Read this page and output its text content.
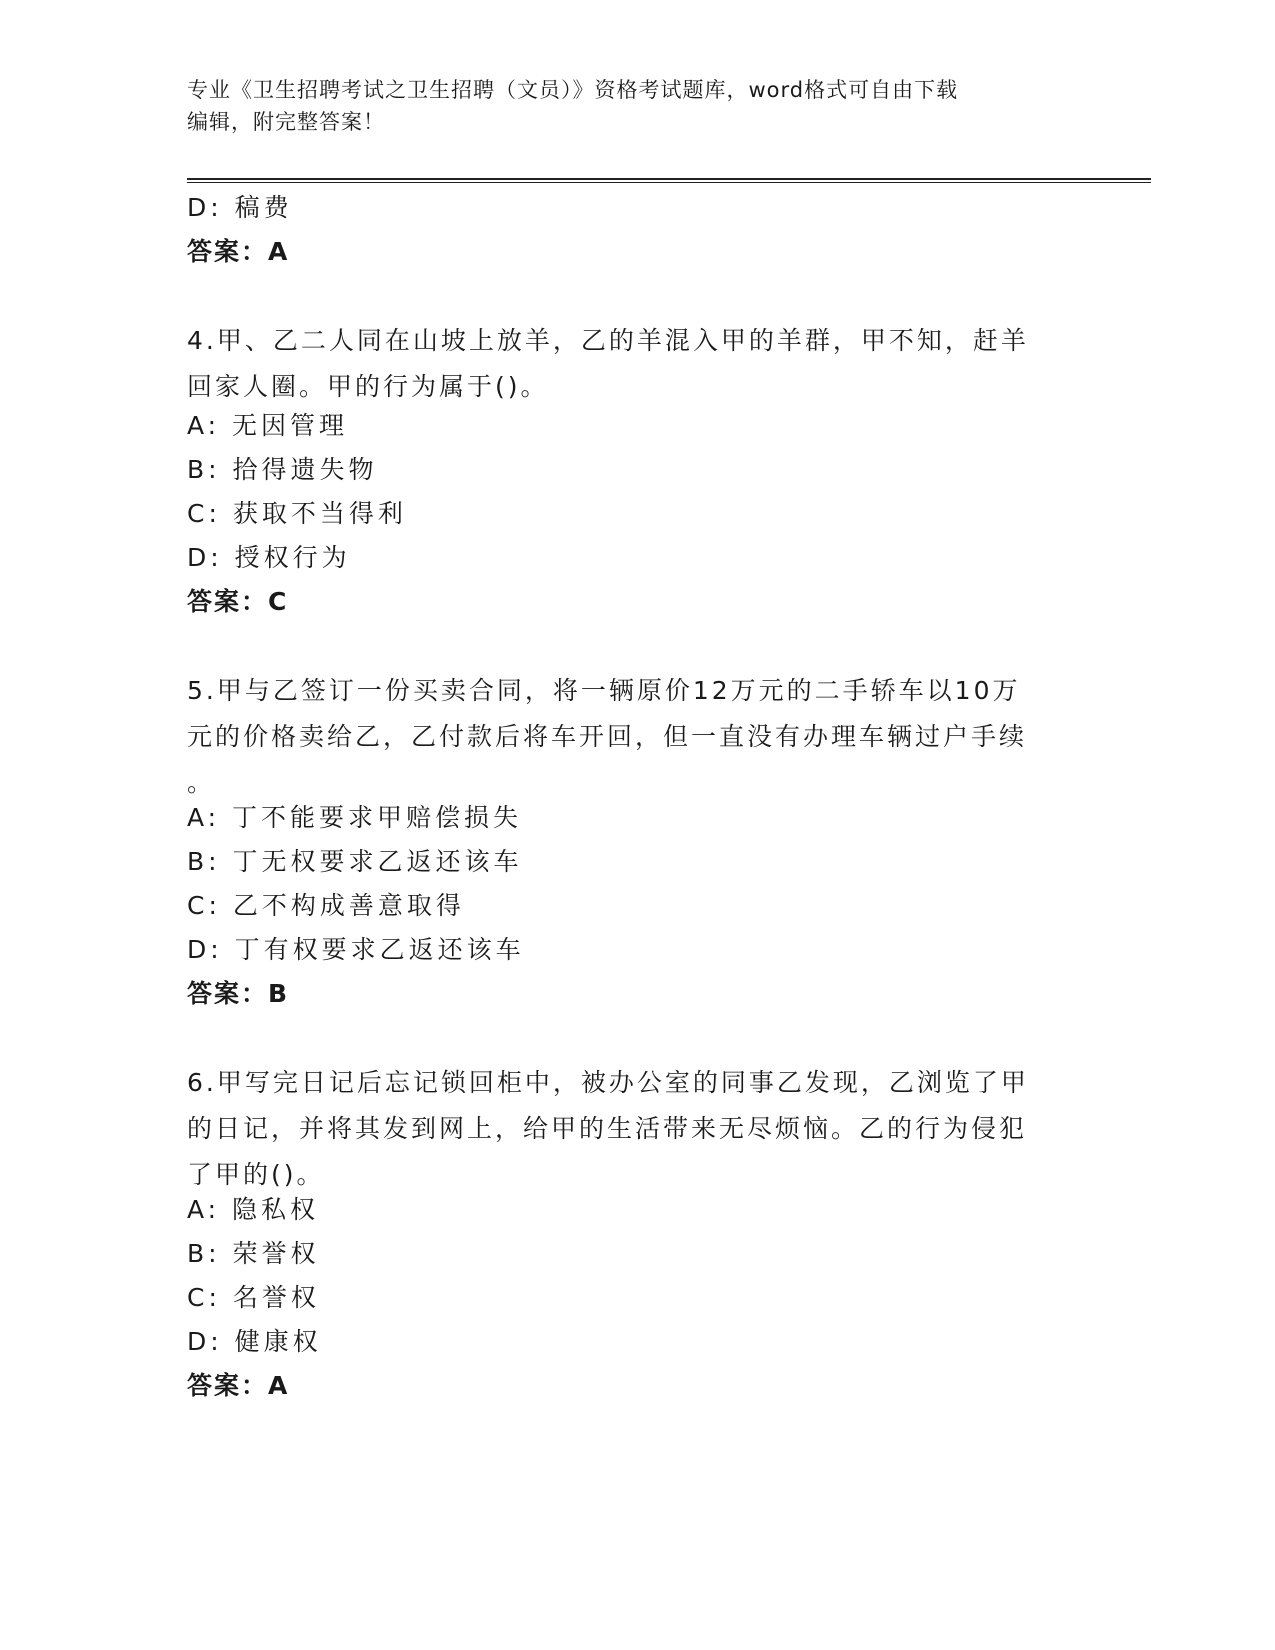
专业《卫生招聘考试之卫生招聘（文员）》资格考试题库，word格式可自由下载
编辑，附完整答案！
D: 稿费
答案：A
4.甲、乙二人同在山坡上放羊，乙的羊混入甲的羊群，甲不知，赶羊
回家人圈。甲的行为属于()。
A: 无因管理
B: 拾得遗失物
C: 获取不当得利
D: 授权行为
答案：C
5.甲与乙签订一份买卖合同，将一辆原价12万元的二手轿车以10万
元的价格卖给乙，乙付款后将车开回，但一直没有办理车辆过户手续
。
A: 丁不能要求甲赔偿损失
B: 丁无权要求乙返还该车
C: 乙不构成善意取得
D: 丁有权要求乙返还该车
答案：B
6.甲写完日记后忘记锁回柜中，被办公室的同事乙发现，乙浏览了甲
的日记，并将其发到网上，给甲的生活带来无尽烦恼。乙的行为侵犯
了甲的()。
A: 隐私权
B: 荣誉权
C: 名誉权
D: 健康权
答案：A
